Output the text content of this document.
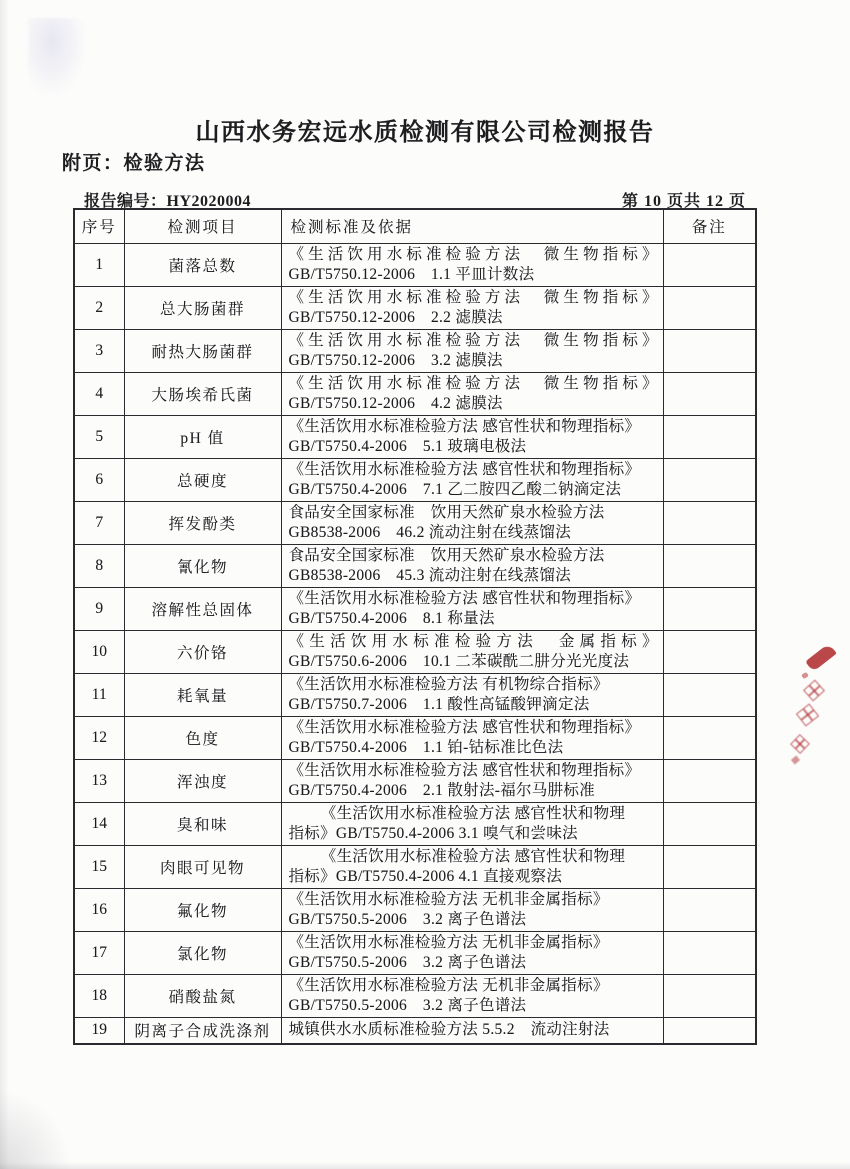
山西水务宏远水质检测有限公司检测报告
附页：检验方法
报告编号：HY2020004	第 10 页共 12 页
序号	检测项目	检测标准及依据	备注
1	菌落总数	《生活饮用水标准检验方法　微生物指标》
GB/T5750.12-2006　1.1 平皿计数法	

2	总大肠菌群	《生活饮用水标准检验方法　微生物指标》
GB/T5750.12-2006　2.2 滤膜法	

3	耐热大肠菌群	《生活饮用水标准检验方法　微生物指标》
GB/T5750.12-2006　3.2 滤膜法	

4	大肠埃希氏菌	《生活饮用水标准检验方法　微生物指标》
GB/T5750.12-2006　4.2 滤膜法	

5	pH 值	《生活饮用水标准检验方法 感官性状和物理指标》
GB/T5750.4-2006　5.1 玻璃电极法	

6	总硬度	《生活饮用水标准检验方法 感官性状和物理指标》
GB/T5750.4-2006　7.1 乙二胺四乙酸二钠滴定法	

7	挥发酚类	食品安全国家标准　饮用天然矿泉水检验方法
GB8538-2006　46.2 流动注射在线蒸馏法	

8	氰化物	食品安全国家标准　饮用天然矿泉水检验方法
GB8538-2006　45.3 流动注射在线蒸馏法	

9	溶解性总固体	《生活饮用水标准检验方法 感官性状和物理指标》
GB/T5750.4-2006　8.1 称量法	

10	六价铬	《生活饮用水标准检验方法　金属指标》
GB/T5750.6-2006　10.1 二苯碳酰二肼分光光度法	

11	耗氧量	《生活饮用水标准检验方法 有机物综合指标》
GB/T5750.7-2006　1.1 酸性高锰酸钾滴定法	

12	色度	《生活饮用水标准检验方法 感官性状和物理指标》
GB/T5750.4-2006　1.1 铂-钴标准比色法	

13	浑浊度	《生活饮用水标准检验方法 感官性状和物理指标》
GB/T5750.4-2006　2.1 散射法-福尔马肼标准	

14	臭和味	《生活饮用水标准检验方法 感官性状和物理
指标》GB/T5750.4-2006 3.1 嗅气和尝味法	

15	肉眼可见物	《生活饮用水标准检验方法 感官性状和物理
指标》GB/T5750.4-2006 4.1 直接观察法	

16	氟化物	《生活饮用水标准检验方法 无机非金属指标》
GB/T5750.5-2006　3.2 离子色谱法	

17	氯化物	《生活饮用水标准检验方法 无机非金属指标》
GB/T5750.5-2006　3.2 离子色谱法	

18	硝酸盐氮	《生活饮用水标准检验方法 无机非金属指标》
GB/T5750.5-2006　3.2 离子色谱法	

19	阴离子合成洗涤剂	城镇供水水质标准检验方法 5.5.2　流动注射法	
